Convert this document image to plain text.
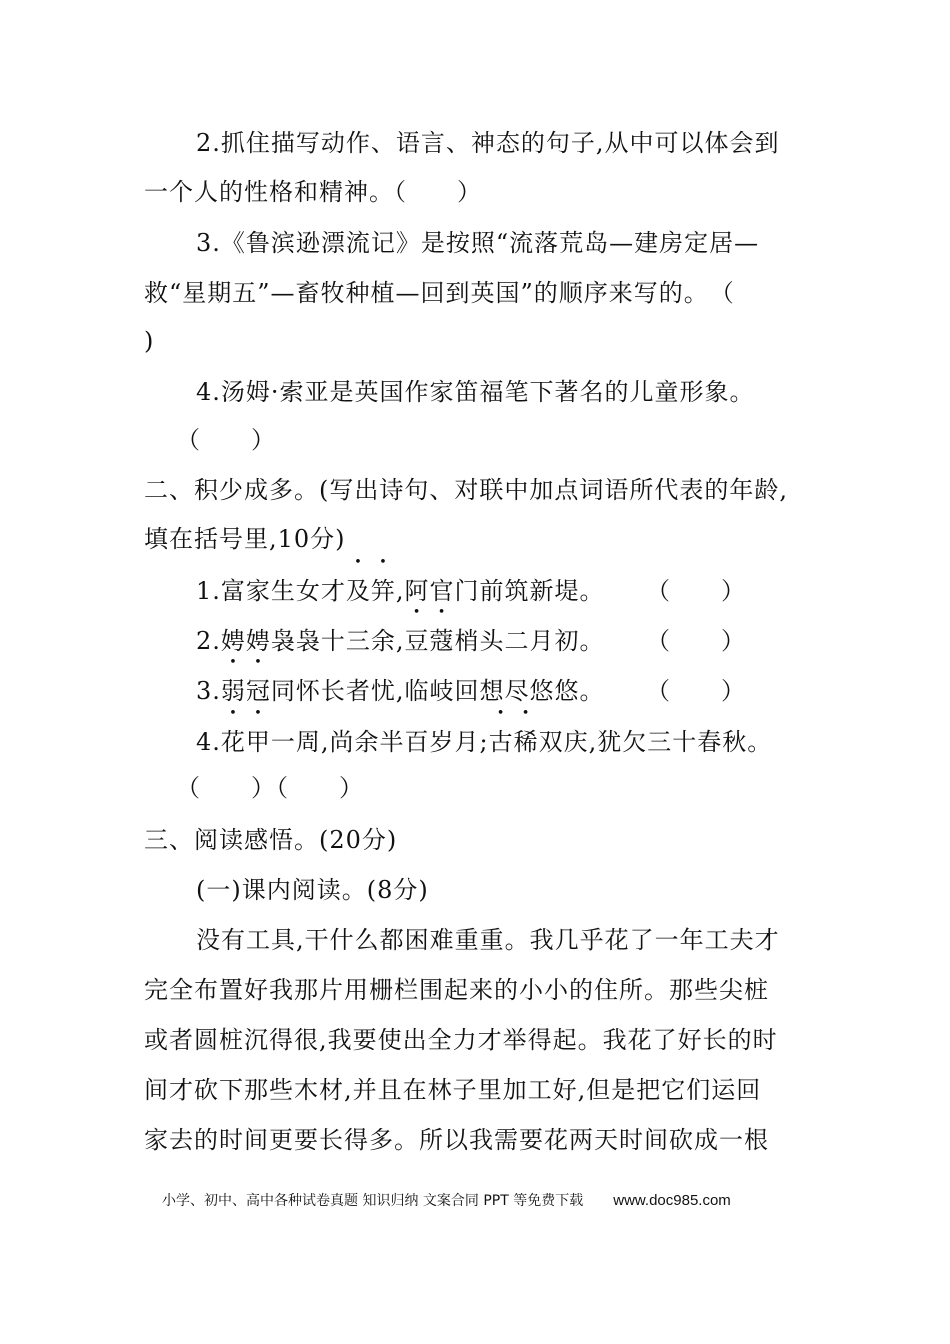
2.抓住描写动作、语言、神态的句子,从中可以体会到
一个人的性格和精神。（　　）
3.《鲁滨逊漂流记》是按照“流落荒岛—建房定居—
救“星期五”—畜牧种植—回到英国”的顺序来写的。　（
)
4.汤姆·索亚是英国作家笛福笔下著名的儿童形象。
（　　）
二、积少成多。(写出诗句、对联中加点词语所代表的年龄,
填在括号里,10分)
1.富家生女才及笄,阿官门前筑新堤。 （　　）
2.娉娉袅袅十三余,豆蔻梢头二月初。 （　　）
3.弱冠同怀长者忧,临岐回想尽悠悠。 （　　）
4.花甲一周,尚余半百岁月;古稀双庆,犹欠三十春秋。
（　　）（　　）
三、阅读感悟。(20分)
(一)课内阅读。(8分)
没有工具,干什么都困难重重。我几乎花了一年工夫才
完全布置好我那片用栅栏围起来的小小的住所。那些尖桩
或者圆桩沉得很,我要使出全力才举得起。我花了好长的时
间才砍下那些木材,并且在林子里加工好,但是把它们运回
家去的时间更要长得多。所以我需要花两天时间砍成一根
小学、初中、高中各种试卷真题 知识归纳 文案合同 PPT 等免费下载 www.doc985.com
